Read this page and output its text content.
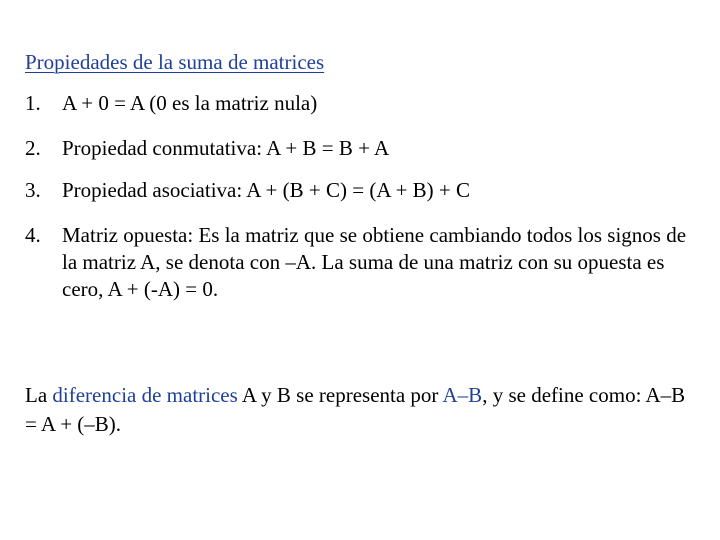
Propiedades de la suma de matrices
1.	A + 0 = A (0 es la matriz nula)
2.	Propiedad conmutativa: A + B = B + A
3.	Propiedad asociativa: A + (B + C) = (A + B) + C
4.	Matriz opuesta: Es la matriz que se obtiene cambiando todos los signos de la matriz A, se denota con –A. La suma de una matriz con su opuesta es cero, A + (-A) = 0.

La diferencia de matrices A y B se representa por A–B, y se define como: A–B = A + (–B).
